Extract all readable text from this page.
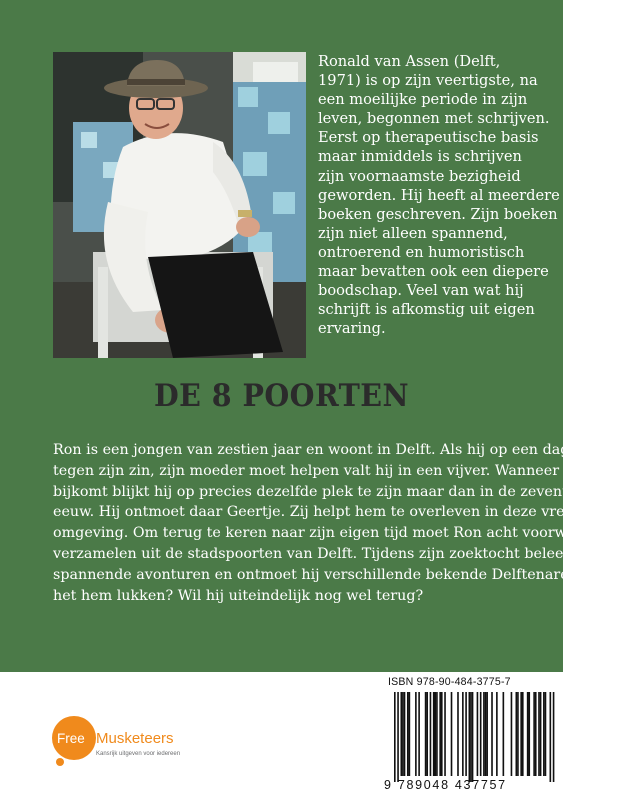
Ronald van Assen (Delft,
1971) is op zijn veertigste, na
een moeilijke periode in zijn
leven, begonnen met schrijven.
Eerst op therapeutische basis
maar inmiddels is schrijven
zijn voornaamste bezigheid
geworden. Hij heeft al meerdere
boeken geschreven. Zijn boeken
zijn niet alleen spannend,
ontroerend en humoristisch
maar bevatten ook een diepere
boodschap. Veel van wat hij
schrijft is afkomstig uit eigen
ervaring.

DE 8 POORTEN

Ron is een jongen van zestien jaar en woont in Delft. Als hij op een dag, geheel
tegen zijn zin, zijn moeder moet helpen valt hij in een vijver. Wanneer hij
bijkomt blijkt hij op precies dezelfde plek te zijn maar dan in de zeventiende
eeuw. Hij ontmoet daar Geertje. Zij helpt hem te overleven in deze vreemde
omgeving. Om terug te keren naar zijn eigen tijd moet Ron acht voorwerpen
verzamelen uit de stadspoorten van Delft. Tijdens zijn zoektocht beleeft hij
spannende avonturen en ontmoet hij verschillende bekende Delftenaren. Zal
het hem lukken? Wil hij uiteindelijk nog wel terug?

Free Musketeers
Kansrijk uitgeven voor iedereen
ISBN 978-90-484-3775-7
9 789048 437757
